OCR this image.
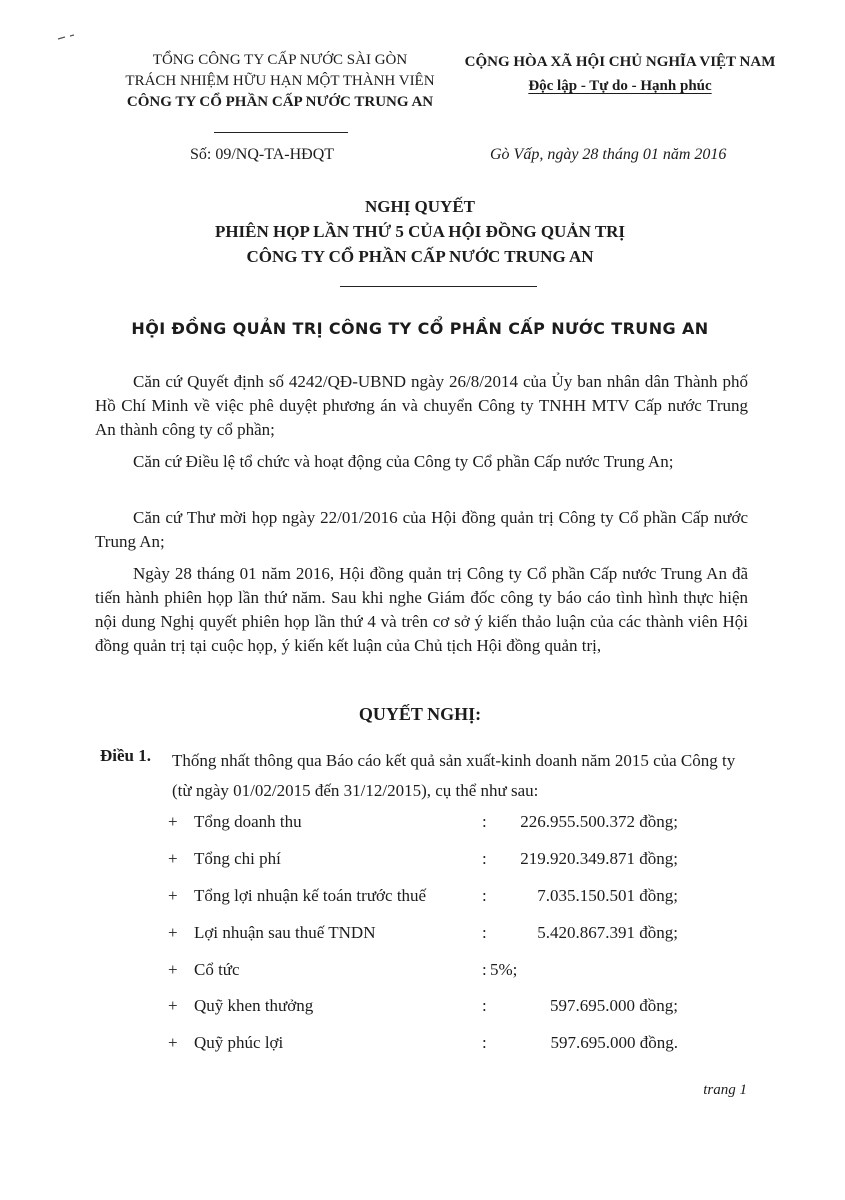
TỔNG CÔNG TY CẤP NƯỚC SÀI GÒN
TRÁCH NHIỆM HỮU HẠN MỘT THÀNH VIÊN
CÔNG TY CỔ PHẦN CẤP NƯỚC TRUNG AN
CỘNG HÒA XÃ HỘI CHỦ NGHĨA VIỆT NAM
Độc lập - Tự do - Hạnh phúc
Số: 09/NQ-TA-HĐQT	Gò Vấp, ngày 28 tháng 01 năm 2016
NGHỊ QUYẾT
PHIÊN HỌP LẦN THỨ 5 CỦA HỘI ĐỒNG QUẢN TRỊ
CÔNG TY CỔ PHẦN CẤP NƯỚC TRUNG AN
HỘI ĐỒNG QUẢN TRỊ CÔNG TY CỔ PHẦN CẤP NƯỚC TRUNG AN
Căn cứ Quyết định số 4242/QĐ-UBND ngày 26/8/2014 của Ủy ban nhân dân Thành phố Hồ Chí Minh về việc phê duyệt phương án và chuyển Công ty TNHH MTV Cấp nước Trung An thành công ty cổ phần;
Căn cứ Điều lệ tổ chức và hoạt động của Công ty Cổ phần Cấp nước Trung An;
Căn cứ Thư mời họp ngày 22/01/2016 của Hội đồng quản trị Công ty Cổ phần Cấp nước Trung An;
Ngày 28 tháng 01 năm 2016, Hội đồng quản trị Công ty Cổ phần Cấp nước Trung An đã tiến hành phiên họp lần thứ năm. Sau khi nghe Giám đốc công ty báo cáo tình hình thực hiện nội dung Nghị quyết phiên họp lần thứ 4 và trên cơ sở ý kiến thảo luận của các thành viên Hội đồng quản trị tại cuộc họp, ý kiến kết luận của Chủ tịch Hội đồng quản trị,
QUYẾT NGHỊ:
Điều 1. Thống nhất thông qua Báo cáo kết quả sản xuất-kinh doanh năm 2015 của Công ty (từ ngày 01/02/2015 đến 31/12/2015), cụ thể như sau:
+ Tổng doanh thu	: 226.955.500.372 đồng;
+ Tổng chi phí	: 219.920.349.871 đồng;
+ Tổng lợi nhuận kế toán trước thuế	:	7.035.150.501 đồng;
+ Lợi nhuận sau thuế TNDN	:	5.420.867.391 đồng;
+ Cổ tức	: 5%;
+ Quỹ khen thưởng	:	597.695.000 đồng;
+ Quỹ phúc lợi	:	597.695.000 đồng.
trang 1
